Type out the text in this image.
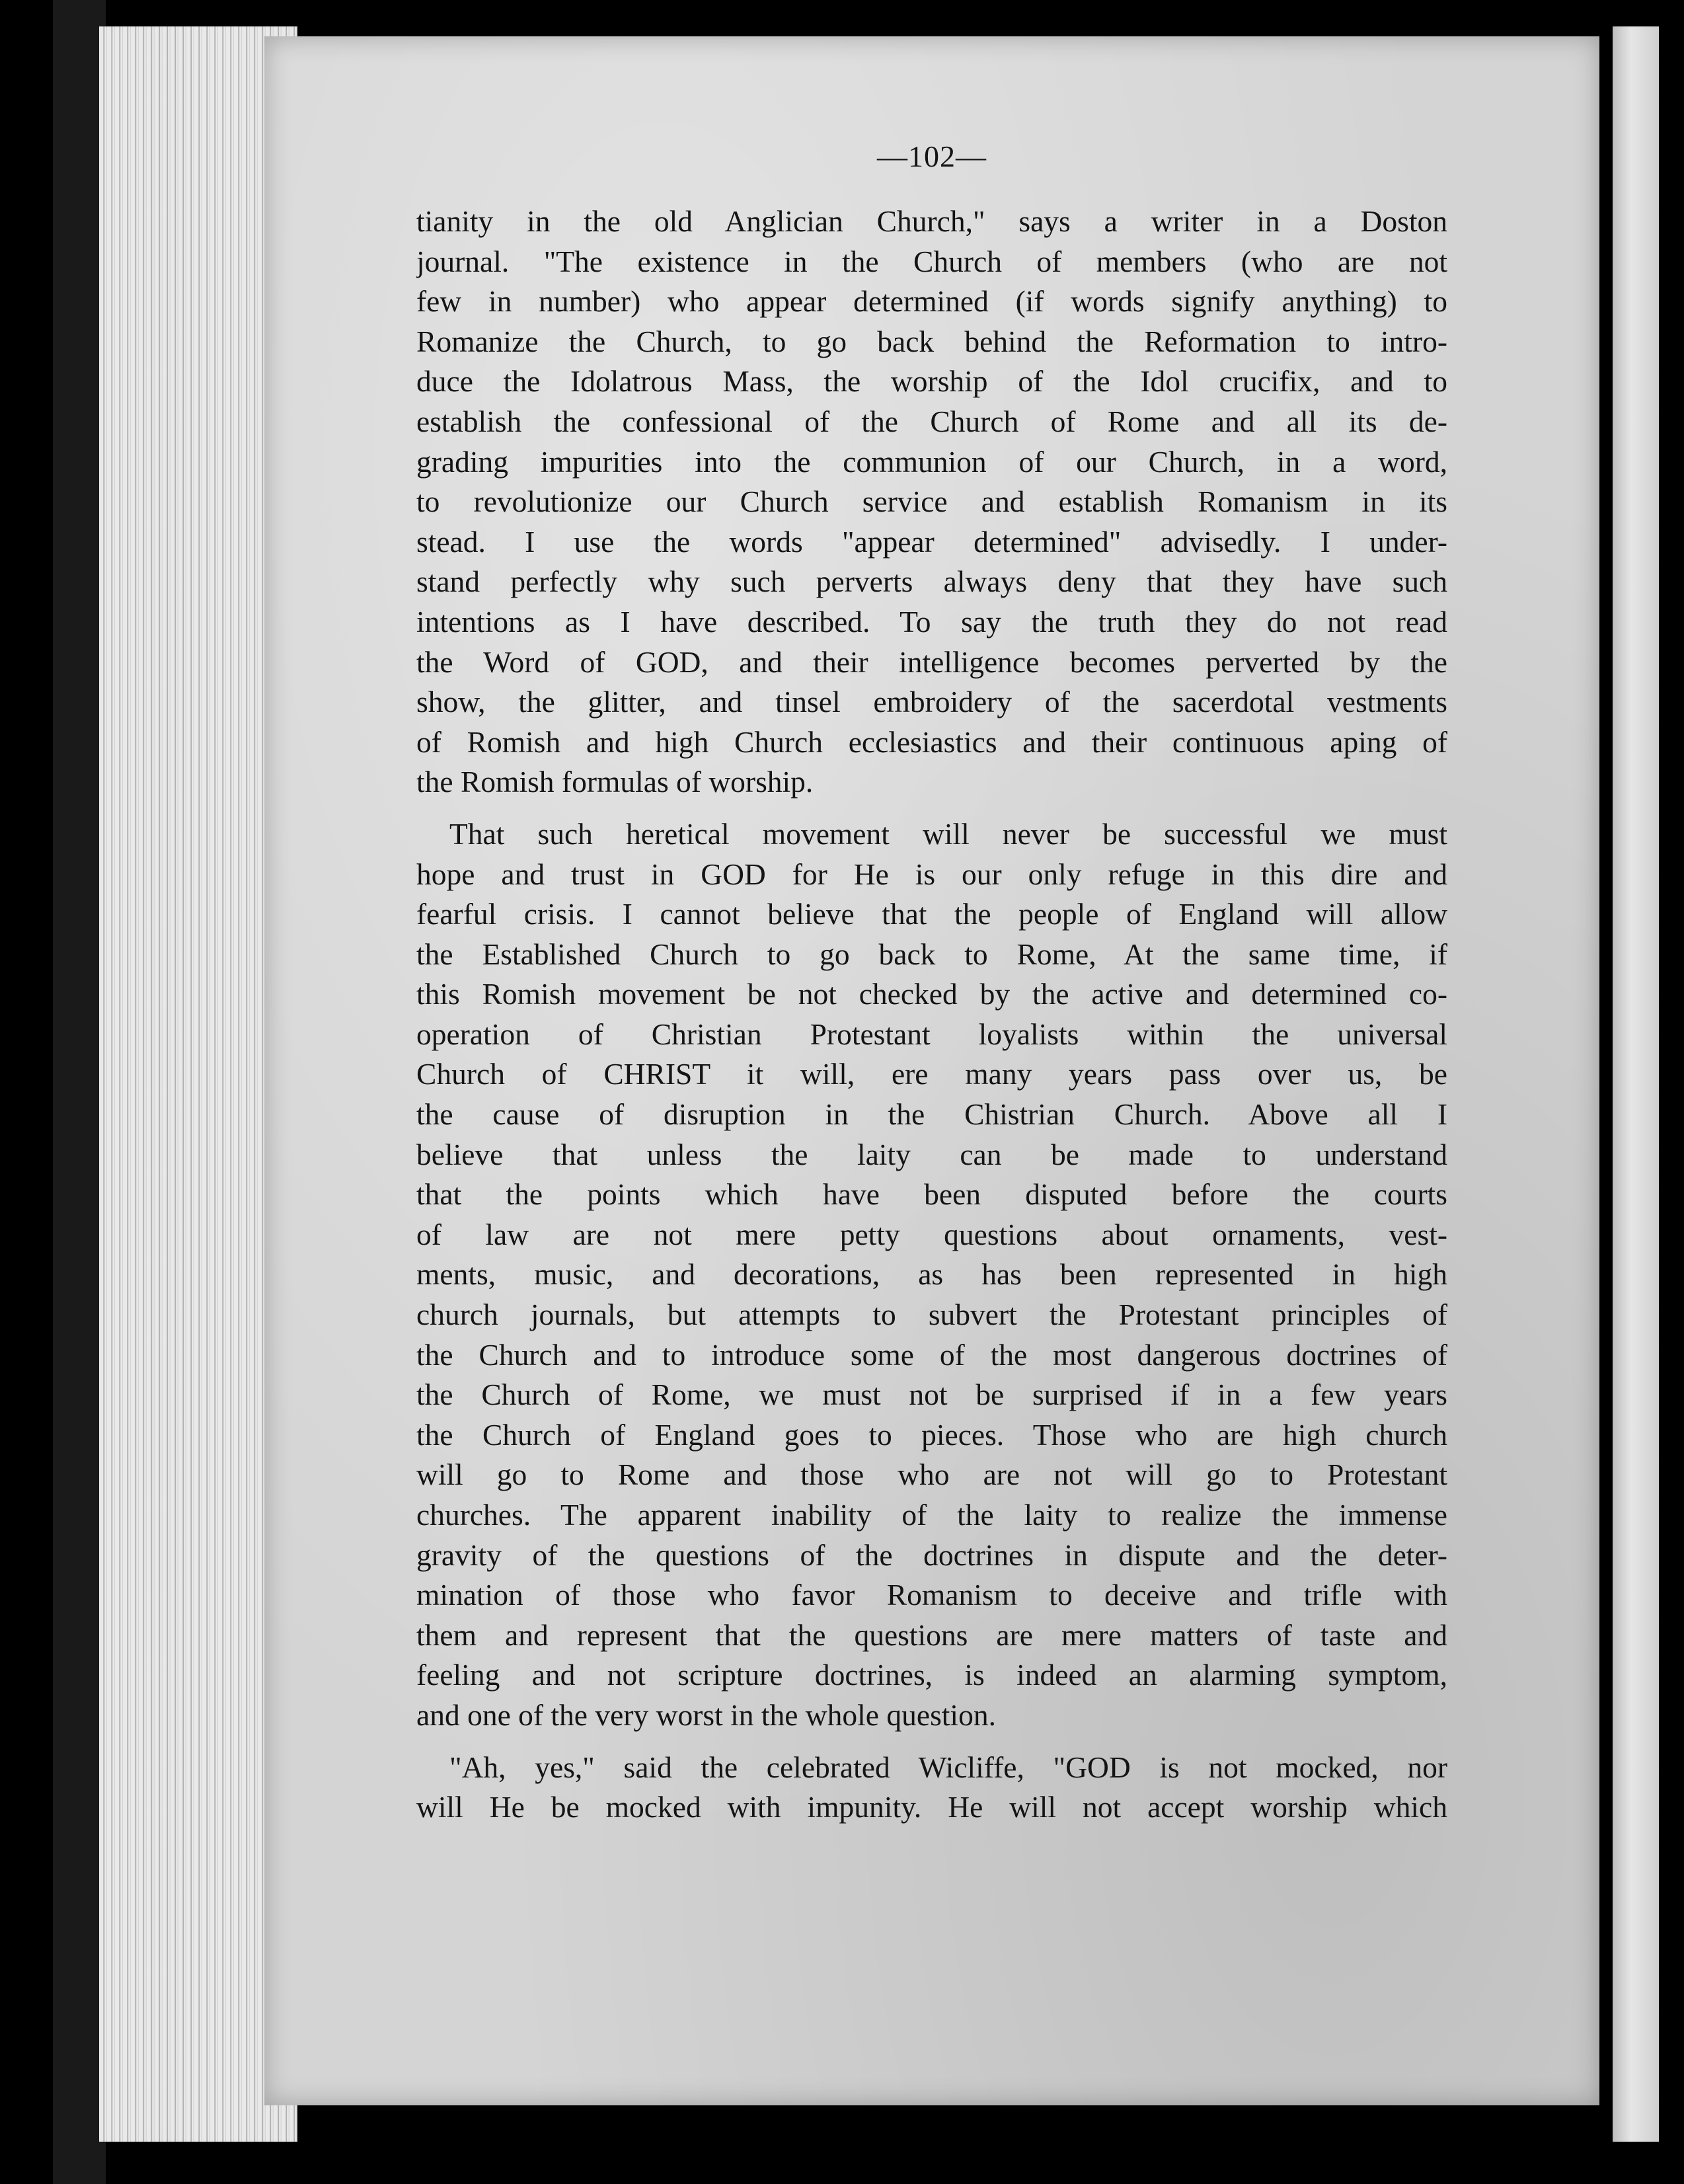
—102—
tianity in the old Anglician Church," says a writer in a Doston
journal. "The existence in the Church of members (who are not
few in number) who appear determined (if words signify anything) to
Romanize the Church, to go back behind the Reformation to intro-
duce the Idolatrous Mass, the worship of the Idol crucifix, and to
establish the confessional of the Church of Rome and all its de-
grading impurities into the communion of our Church, in a word,
to revolutionize our Church service and establish Romanism in its
stead. I use the words "appear determined" advisedly. I under-
stand perfectly why such perverts always deny that they have such
intentions as I have described. To say the truth they do not read
the Word of GOD, and their intelligence becomes perverted by the
show, the glitter, and tinsel embroidery of the sacerdotal vestments
of Romish and high Church ecclesiastics and their continuous aping of
the Romish formulas of worship.
That such heretical movement will never be successful we must
hope and trust in GOD for He is our only refuge in this dire and
fearful crisis. I cannot believe that the people of England will allow
the Established Church to go back to Rome, At the same time, if
this Romish movement be not checked by the active and determined co-
operation of Christian Protestant loyalists within the universal
Church of CHRIST it will, ere many years pass over us, be
the cause of disruption in the Chistrian Church. Above all I
believe that unless the laity can be made to understand
that the points which have been disputed before the courts
of law are not mere petty questions about ornaments, vest-
ments, music, and decorations, as has been represented in high
church journals, but attempts to subvert the Protestant principles of
the Church and to introduce some of the most dangerous doctrines of
the Church of Rome, we must not be surprised if in a few years
the Church of England goes to pieces. Those who are high church
will go to Rome and those who are not will go to Protestant
churches. The apparent inability of the laity to realize the immense
gravity of the questions of the doctrines in dispute and the deter-
mination of those who favor Romanism to deceive and trifle with
them and represent that the questions are mere matters of taste and
feeling and not scripture doctrines, is indeed an alarming symptom,
and one of the very worst in the whole question.
"Ah, yes," said the celebrated Wicliffe, "GOD is not mocked, nor
will He be mocked with impunity. He will not accept worship which
